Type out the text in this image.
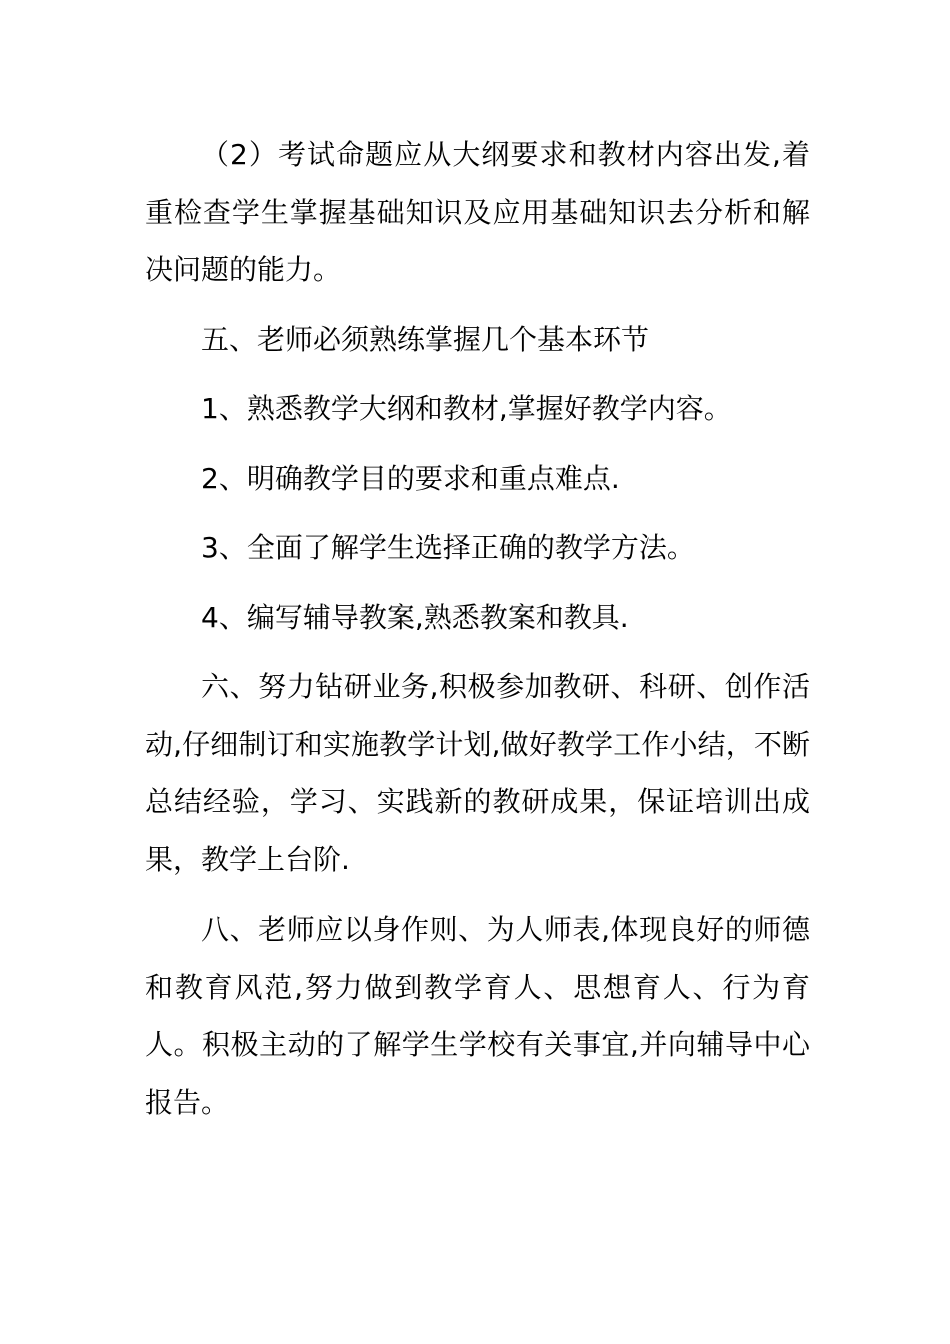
（2）考试命题应从大纲要求和教材内容出发,着重检查学生掌握基础知识及应用基础知识去分析和解决问题的能力。

五、老师必须熟练掌握几个基本环节

1、熟悉教学大纲和教材,掌握好教学内容。

2、明确教学目的要求和重点难点.

3、全面了解学生选择正确的教学方法。

4、编写辅导教案,熟悉教案和教具.

六、努力钻研业务,积极参加教研、科研、创作活动,仔细制订和实施教学计划,做好教学工作小结，不断总结经验，学习、实践新的教研成果，保证培训出成果，教学上台阶.

八、老师应以身作则、为人师表,体现良好的师德和教育风范,努力做到教学育人、思想育人、行为育人。积极主动的了解学生学校有关事宜,并向辅导中心报告。
